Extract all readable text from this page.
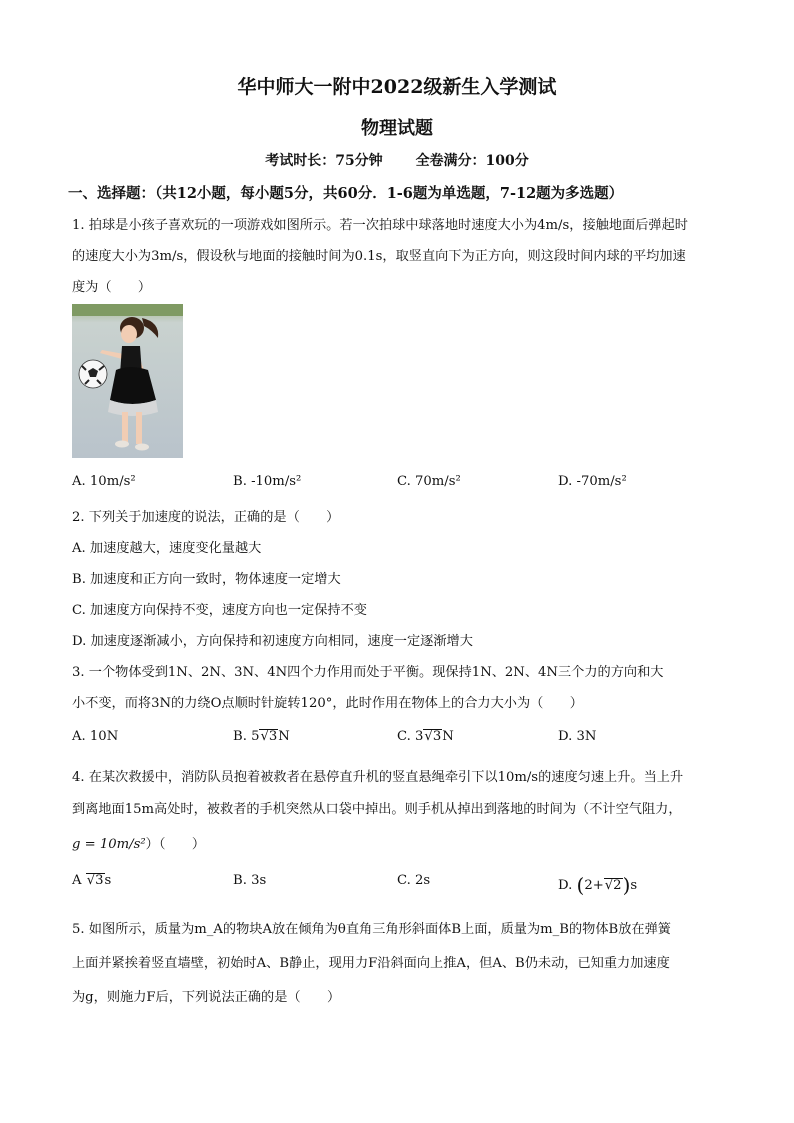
华中师大一附中2022级新生入学测试
物理试题
考试时长：75分钟 全卷满分：100分
一、选择题：（共12小题，每小题5分，共60分．1-6题为单选题，7-12题为多选题）
1. 拍球是小孩子喜欢玩的一项游戏如图所示。若一次拍球中球落地时速度大小为4m/s，接触地面后弹起时
的速度大小为3m/s，假设秋与地面的接触时间为0.1s，取竖直向下为正方向，则这段时间内球的平均加速
度为（　　）
A. 10m/s²	B. -10m/s²	C. 70m/s²	D. -70m/s²
2. 下列关于加速度的说法，正确的是（　　）
A. 加速度越大，速度变化量越大
B. 加速度和正方向一致时，物体速度一定增大
C. 加速度方向保持不变，速度方向也一定保持不变
D. 加速度逐渐减小，方向保持和初速度方向相同，速度一定逐渐增大
3. 一个物体受到1N、2N、3N、4N四个力作用而处于平衡。现保持1N、2N、4N三个力的方向和大
小不变，而将3N的力绕O点顺时针旋转120°，此时作用在物体上的合力大小为（　　）
A. 10N	B. 5√3N	C. 3√3N	D. 3N
4. 在某次救援中，消防队员抱着被救者在悬停直升机的竖直悬绳牵引下以10m/s的速度匀速上升。当上升
到离地面15m高处时，被救者的手机突然从口袋中掉出。则手机从掉出到落地的时间为（不计空气阻力，
g = 10m/s²）（　　）
A √3s	B. 3s	C. 2s	D. (2+√2)s
5. 如图所示，质量为m_A的物块A放在倾角为θ直角三角形斜面体B上面，质量为m_B的物体B放在弹簧
上面并紧挨着竖直墙壁，初始时A、B静止，现用力F沿斜面向上推A，但A、B仍未动，已知重力加速度
为g，则施力F后，下列说法正确的是（　　）
